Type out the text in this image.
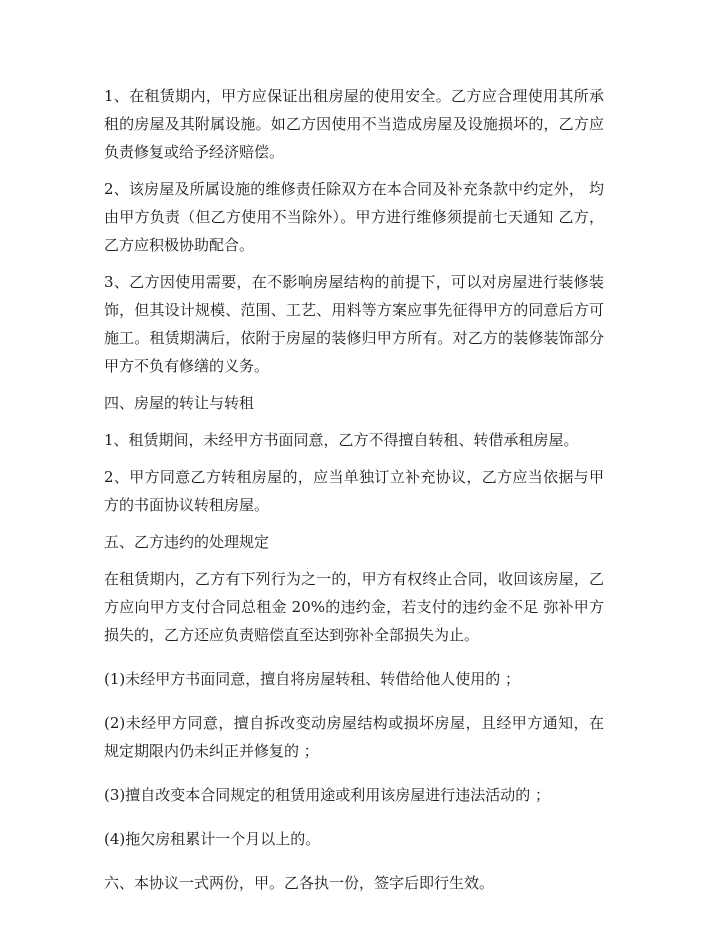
1、在租赁期内，甲方应保证出租房屋的使用安全。乙方应合理使用其所承租的房屋及其附属设施。如乙方因使用不当造成房屋及设施损坏的，乙方应负责修复或给予经济赔偿。

2、该房屋及所属设施的维修责任除双方在本合同及补充条款中约定外， 均由甲方负责（但乙方使用不当除外）。甲方进行维修须提前七天通知 乙方，乙方应积极协助配合。

3、乙方因使用需要，在不影响房屋结构的前提下，可以对房屋进行装修装饰，但其设计规模、范围、工艺、用料等方案应事先征得甲方的同意后方可施工。租赁期满后，依附于房屋的装修归甲方所有。对乙方的装修装饰部分甲方不负有修缮的义务。

四、房屋的转让与转租

1、租赁期间，未经甲方书面同意，乙方不得擅自转租、转借承租房屋。

2、甲方同意乙方转租房屋的，应当单独订立补充协议，乙方应当依据与甲方的书面协议转租房屋。

五、乙方违约的处理规定

在租赁期内，乙方有下列行为之一的，甲方有权终止合同，收回该房屋，乙方应向甲方支付合同总租金 20%的违约金，若支付的违约金不足 弥补甲方损失的，乙方还应负责赔偿直至达到弥补全部损失为止。

(1)未经甲方书面同意，擅自将房屋转租、转借给他人使用的 ；

(2)未经甲方同意，擅自拆改变动房屋结构或损坏房屋，且经甲方通知，在规定期限内仍未纠正并修复的 ；

(3)擅自改变本合同规定的租赁用途或利用该房屋进行违法活动的 ；

(4)拖欠房租累计一个月以上的。

六、本协议一式两份，甲。乙各执一份，签字后即行生效。
